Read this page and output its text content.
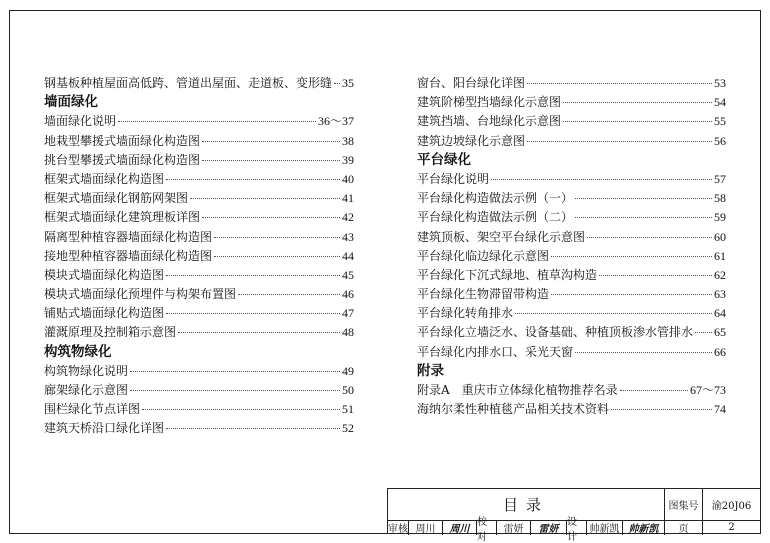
钢基板种植屋面高低跨、管道出屋面、走道板、变形缝 35
墙面绿化
墙面绿化说明	36～37
地栽型攀援式墙面绿化构造图	38
挑台型攀援式墙面绿化构造图	39
框架式墙面绿化构造图	40
框架式墙面绿化钢筋网架图	41
框架式墙面绿化建筑理板详图	42
隔离型种植容器墙面绿化构造图	43
接地型种植容器墙面绿化构造图	44
模块式墙面绿化构造图	45
模块式墙面绿化预埋件与构架布置图	46
铺贴式墙面绿化构造图	47
灌溉原理及控制箱示意图	48
构筑物绿化
构筑物绿化说明	49
廊架绿化示意图	50
围栏绿化节点详图	51
建筑天桥沿口绿化详图	52
窗台、阳台绿化详图	53
建筑阶梯型挡墙绿化示意图	54
建筑挡墙、台地绿化示意图	55
建筑边坡绿化示意图	56
平台绿化
平台绿化说明	57
平台绿化构造做法示例（一）	58
平台绿化构造做法示例（二）	59
建筑顶板、架空平台绿化示意图	60
平台绿化临边绿化示意图	61
平台绿化下沉式绿地、植草沟构造	62
平台绿化生物滞留带构造	63
平台绿化转角排水	64
平台绿化立墙泛水、设备基础、种植顶板渗水管排水 65
平台绿化内排水口、采光天窗	66
附录
附录A　重庆市立体绿化植物推荐名录	67～73
海纳尔柔性种植毯产品相关技术资料	74
目录	图集号 渝20J06
审核 周川 周川
校对
雷妍 雷妍
设计
帅新凯 帅新凯 页	2
